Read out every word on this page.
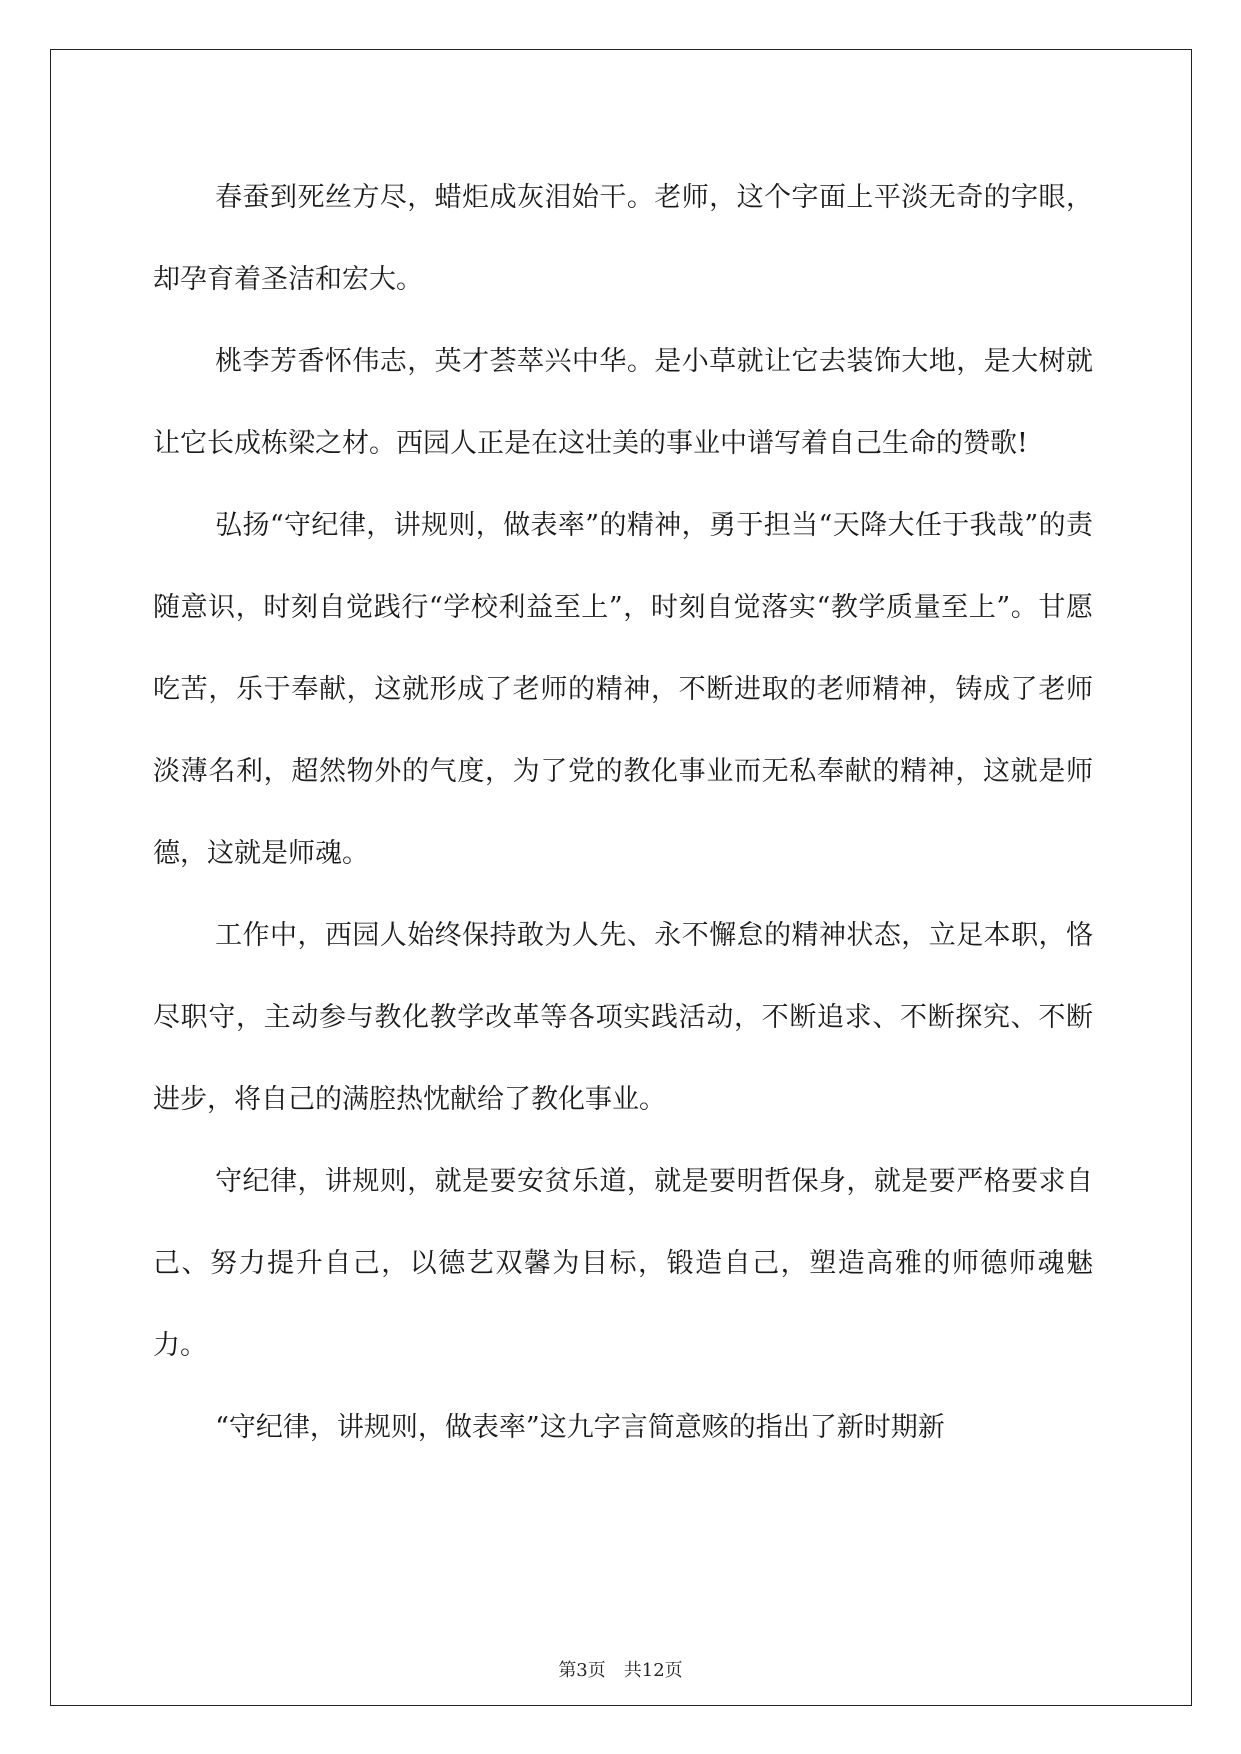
春蚕到死丝方尽，蜡炬成灰泪始干。老师，这个字面上平淡无奇的字眼，却孕育着圣洁和宏大。

桃李芳香怀伟志，英才荟萃兴中华。是小草就让它去装饰大地，是大树就让它长成栋梁之材。西园人正是在这壮美的事业中谱写着自己生命的赞歌!

弘扬“守纪律，讲规则，做表率”的精神，勇于担当“天降大任于我哉”的责随意识，时刻自觉践行“学校利益至上”，时刻自觉落实“教学质量至上”。甘愿吃苦，乐于奉献，这就形成了老师的精神，不断进取的老师精神，铸成了老师淡薄名利，超然物外的气度，为了党的教化事业而无私奉献的精神，这就是师德，这就是师魂。

工作中，西园人始终保持敢为人先、永不懈怠的精神状态，立足本职，恪尽职守，主动参与教化教学改革等各项实践活动，不断追求、不断探究、不断进步，将自己的满腔热忱献给了教化事业。

守纪律，讲规则，就是要安贫乐道，就是要明哲保身，就是要严格要求自己、努力提升自己，以德艺双馨为目标，锻造自己，塑造高雅的师德师魂魅力。

“守纪律，讲规则，做表率”这九字言简意赅的指出了新时期新

第3页　共12页
